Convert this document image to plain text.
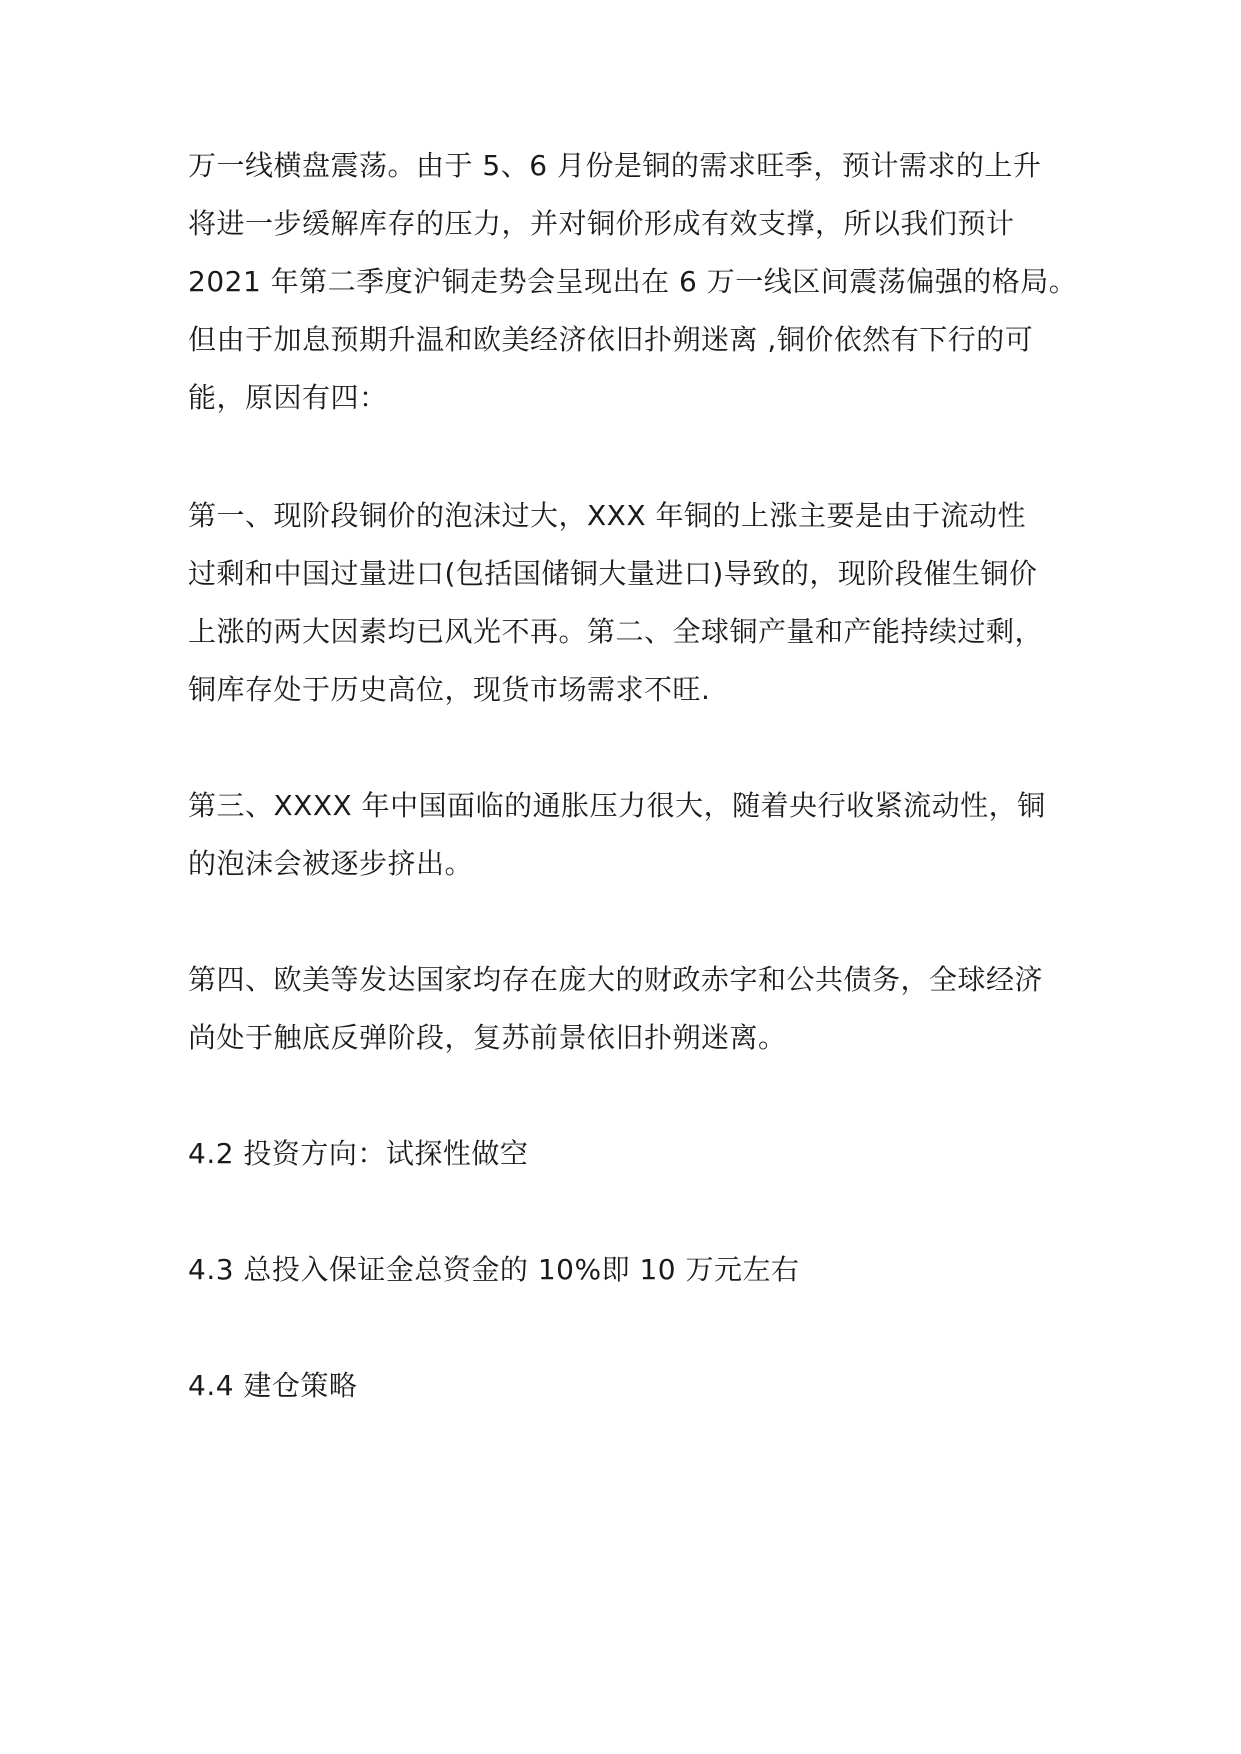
万一线横盘震荡。由于 5、6 月份是铜的需求旺季，预计需求的上升
将进一步缓解库存的压力，并对铜价形成有效支撑，所以我们预计
2021 年第二季度沪铜走势会呈现出在 6 万一线区间震荡偏强的格局。
但由于加息预期升温和欧美经济依旧扑朔迷离 ,铜价依然有下行的可
能，原因有四：
第一、现阶段铜价的泡沫过大，XXX 年铜的上涨主要是由于流动性
过剩和中国过量进口(包括国储铜大量进口)导致的，现阶段催生铜价
上涨的两大因素均已风光不再。第二、全球铜产量和产能持续过剩，
铜库存处于历史高位，现货市场需求不旺.
第三、XXXX 年中国面临的通胀压力很大，随着央行收紧流动性，铜
的泡沫会被逐步挤出。
第四、欧美等发达国家均存在庞大的财政赤字和公共债务，全球经济
尚处于触底反弹阶段，复苏前景依旧扑朔迷离。
4.2 投资方向：试探性做空
4.3 总投入保证金总资金的 10%即 10 万元左右
4.4 建仓策略
